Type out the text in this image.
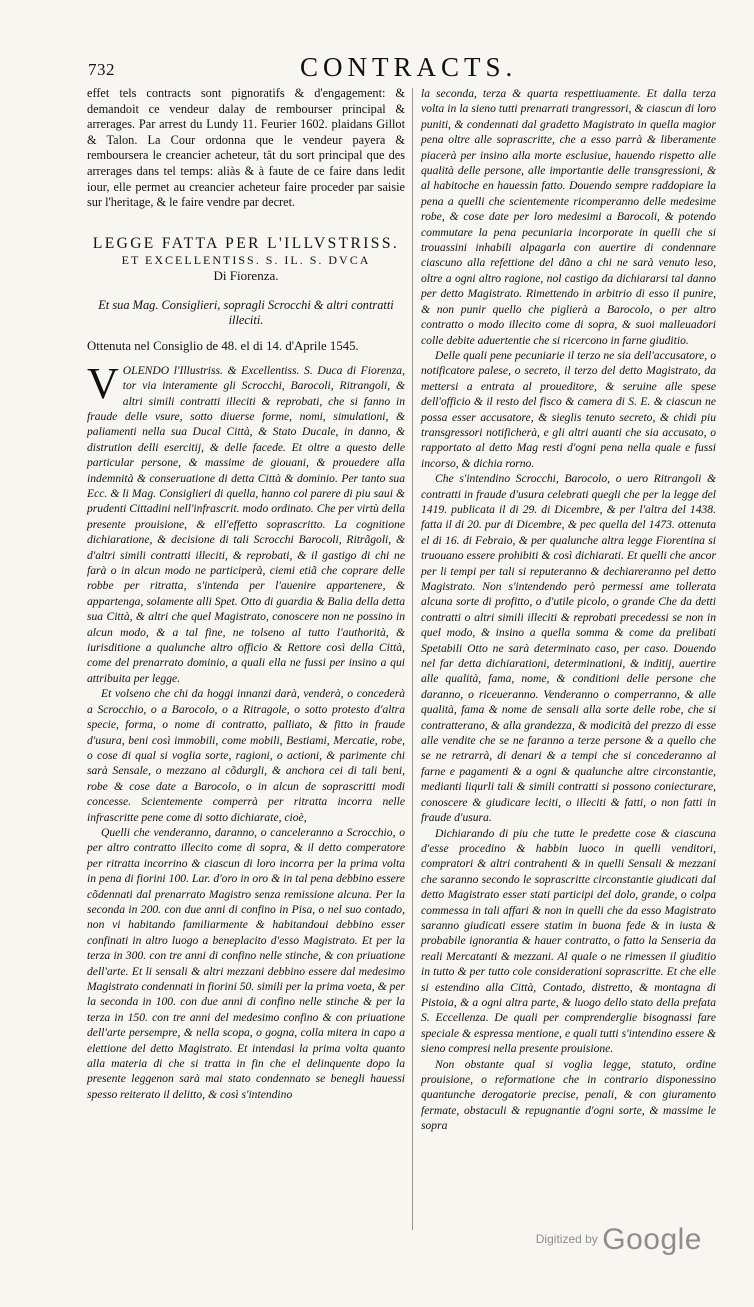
732	CONTRACTS.

effet tels contracts sont pignoratifs & d'engagement: & demandoit ce vendeur dalay de rembourser principal & arrerages. Par arrest du Lundy 11. Feurier 1602. plaidans Gillot & Talon. La Cour ordonna que le vendeur payera & remboursera le creancier acheteur, tât du sort principal que des arrerages dans tel temps: aliàs & à faute de ce faire dans ledit iour, elle permet au creancier acheteur faire proceder par saisie sur l'heritage, & le faire vendre par decret.

LEGGE FATTA PER L'ILLVSTRISS.

ET EXCELLENTISS. S. IL. S. DVCA

Di Fiorenza.

Et sua Mag. Consiglieri, sopragli Scrocchi & altri contratti illeciti.

Ottenuta nel Consiglio de 48. el di 14. d'Aprile 1545.

VOLENDO l'Illustriss. & Excellentiss. S. Duca di Fiorenza, tor via interamente gli Scrocchi, Barocoli, Ritrangoli, & altri simili contratti illeciti & reprobati, che si fanno in fraude delle vsure, sotto diuerse forme, nomi, simulationi, & paliamenti nella sua Ducal Città, & Stato Ducale, in danno, & distrution delli esercitij, & delle facede. Et oltre a questo delle particular persone, & massime de giouani, & prouedere alla indemnità & conseruatione di detta Città & dominio. Per tanto sua Ecc. & li Mag. Consiglieri di quella, hanno col parere di piu saui & prudenti Cittadini nell'infrascrit. modo ordinato. Che per virtù della presente prouisione, & ell'effetto soprascritto. La cognitione dichiaratione, & decisione di tali Scrocchi Barocoli, Ritrãgoli, & d'altri simili contratti illeciti, & reprobati, & il gastigo di chi ne farà o in alcun modo ne participerà, ciemi etiã che coprare delle robbe per ritratta, s'intenda per l'auenire appartenere, & appartenga, solamente alli Spet. Otto di guardia & Balia della detta sua Città, & altri che quel Magistrato, conoscere non ne possino in alcun modo, & a tal fine, ne tolseno al tutto l'authorità, & iurisditione a qualunche altro officio & Rettore così della Città, come del prenarrato dominio, a quali ella ne fussi per insino a qui attribuita per legge.

Et volseno che chi da hoggi innanzi darà, venderà, o concederà a Scrocchio, o a Barocolo, o a Ritragole, o sotto protesto d'altra specie, forma, o nome di contratto, palliato, & fitto in fraude d'usura, beni così immobili, come mobili, Bestiami, Mercatie, robe, o cose di qual si voglia sorte, ragioni, o actioni, & parimente chi sarà Sensale, o mezzano al cõdurgli, & anchora cei di tali beni, robe & cose date a Barocolo, o in alcun de soprascritti modi concesse. Scientemente comperrà per ritratta incorra nelle infrascritte pene come di sotto dichiarate, cioè,

Quelli che venderanno, daranno, o canceleranno a Scrocchio, o per altro contratto illecito come di sopra, & il detto comperatore per ritratta incorrino & ciascun di loro incorra per la prima volta in pena di fiorini 100. Lar. d'oro in oro & in tal pena debbino essere cõdennati dal prenarrato Magistro senza remissione alcuna. Per la seconda in 200. con due anni di confino in Pisa, o nel suo contado, non vi habitando familiarmente & habitandoui debbino esser confinati in altro luogo a beneplacito d'esso Magistrato. Et per la terza in 300. con tre anni di confino nelle stinche, & con priuatione dell'arte. Et li sensali & altri mezzani debbino essere dal medesimo Magistrato condennati in fiorini 50. simili per la prima voeta, & per la seconda in 100. con due anni di confino nelle stinche & per la terza in 150. con tre anni del medesimo confino & con priuatione dell'arte persempre, & nella scopa, o gogna, colla mitera in capo a elettione del detto Magistrato. Et intendasi la prima volta quanto alla materia di che si tratta in fin che el delinquente dopo la presente leggenon sarà mai stato condennato se benegli hauessi spesso reiterato il delitto, & così s'intendino

la seconda, terza & quarta respettiuamente. Et dalla terza volta in la sieno tutti prenarrati trangressori, & ciascun di loro puniti, & condennati dal gradetto Magistrato in quella magior pena oltre alle soprascritte, che a esso parrà & liberamente piacerà per insino alla morte esclusiue, hauendo rispetto alle qualità delle persone, alle importantie delle transgressioni, & al habitoche en hauessin fatto. Douendo sempre raddopiare la pena a quelli che scientemente ricomperanno delle medesime robe, & cose date per loro medesimi a Barocoli, & potendo commutare la pena pecuniaria incorporate in quelli che si trouassini inhabili alpagarla con auertire di condennare ciascuno alla refettione del dãno a chi ne sarà venuto leso, oltre a ogni altro ragione, nol castigo da dichiararsi tal danno per detto Magistrato. Rimettendo in arbitrio di esso il punire, & non punir quello che piglierà a Barocolo, o per altro contratto o modo illecito come di sopra, & suoi malleuadori colle debite aduertentie che si ricercono in farne giuditio.

Delle quali pene pecuniarie il terzo ne sia dell'accusatore, o notificatore palese, o secreto, il terzo del detto Magistrato, da mettersi a entrata al proueditore, & seruine alle spese dell'officio & il resto del fisco & camera di S. E. & ciascun ne possa esser accusatore, & sieglis tenuto secreto, & chidi piu transgressori notificherà, e gli altri auanti che sia accusato, o rapportato al detto Mag resti d'ogni pena nella quale e fussi incorso, & dichia rorno.

Che s'intendino Scrocchi, Barocolo, o uero Ritrangoli & contratti in fraude d'usura celebrati quegli che per la legge del 1419. publicata il di 29. di Dicembre, & per l'altra del 1438. fatta il di 20. pur di Dicembre, & pec quella del 1473. ottenuta el di 16. di Febraio, & per qualunche altra legge Fiorentina si truouano essere prohibiti & così dichiarati. Et quelli che ancor per li tempi per tali si reputeranno & dechiareranno pel detto Magistrato. Non s'intendendo però permessi ame tollerata alcuna sorte di profitto, o d'utile picolo, o grande Che da detti contratti o altri simili illeciti & reprobati precedessi se non in quel modo, & insino a quella somma & come da prelibati Spetabili Otto ne sarà determinato caso, per caso. Douendo nel far detta dichiarationi, determinationi, & inditij, auertire alle qualità, fama, nome, & conditioni delle persone che daranno, o riceueranno. Venderanno o comperranno, & alle qualità, fama & nome de sensali alla sorte delle robe, che si contratterano, & alla grandezza, & modicità del prezzo di esse alle vendite che se ne faranno a terze persone & a quello che se ne retrarrà, di denari & a tempi che si concederanno al farne e pagamenti & a ogni & qualunche altre circonstantie, medianti liqurli tali & simili contratti si possono coniecturare, conoscere & giudicare leciti, o illeciti & fatti, o non fatti in fraude d'usura.

Dichiarando di piu che tutte le predette cose & ciascuna d'esse procedino & habbin luoco in quelli venditori, compratori & altri contrahenti & in quelli Sensali & mezzani che saranno secondo le soprascritte circonstantie giudicati dal detto Magistrato esser stati participi del dolo, grande, o colpa commessa in tali affari & non in quelli che da esso Magistrato saranno giudicati essere statim in buona fede & in iusta & probabile ignorantia & hauer contratto, o fatto la Senseria da reali Mercatanti & mezzani. Al quale o ne rimessen il giuditio in tutto & per tutto cole considerationi soprascritte. Et che elle si estendino alla Città, Contado, distretto, & montagna di Pistoia, & a ogni altra parte, & luogo dello stato della prefata S. Eccellenza. De quali per comprenderglie bisognassi fare speciale & espressa mentione, e quali tutti s'intendino essere & sieno compresi nella presente prouisione.

Non obstante qual si voglia legge, statuto, ordine prouisione, o reformatione che in contrario disponessino quantunche derogatorie precise, penali, & con giuramento fermate, obstaculi & repugnantie d'ogni sorte, & massime le sopra

$^{Digitized by}$ Google
